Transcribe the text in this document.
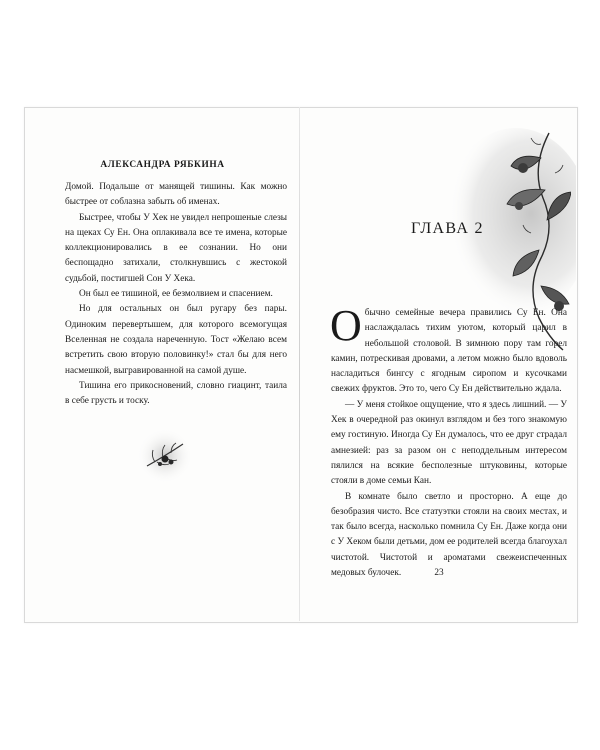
АЛЕКСАНДРА РЯБКИНА

Домой. Подальше от манящей тишины. Как можно быстрее от соблазна забыть об именах.

Быстрее, чтобы У Хек не увидел непрошеные слезы на щеках Су Ен. Она оплакивала все те имена, которые коллекционировались в ее сознании. Но они беспощадно затихали, столкнувшись с жестокой судьбой, постигшей Сон У Хека.

Он был ее тишиной, ее безмолвием и спасением.

Но для остальных он был ругару без пары. Одиноким перевертышем, для которого всемогущая Вселенная не создала нареченную. Тост «Желаю всем встретить свою вторую половинку!» стал бы для него насмешкой, выгравированной на самой душе.

Тишина его прикосновений, словно гиацинт, таила в себе грусть и тоску.

ГЛАВА 2

Обычно семейные вечера правились Су Ен. Она наслаждалась тихим уютом, который царил в небольшой столовой. В зимнюю пору там горел камин, потрескивая дровами, а летом можно было вдоволь насладиться бингсу с ягодным сиропом и кусочками свежих фруктов. Это то, чего Су Ен действительно ждала.

— У меня стойкое ощущение, что я здесь лишний. — У Хек в очередной раз окинул взглядом и без того знакомую ему гостиную. Иногда Су Ен думалось, что ее друг страдал амнезией: раз за разом он с неподдельным интересом пялился на всякие бесполезные штуковины, которые стояли в доме семьи Кан.

В комнате было светло и просторно. А еще до безобразия чисто. Все статуэтки стояли на своих местах, и так было всегда, насколько помнила Су Ен. Даже когда они с У Хеком были детьми, дом ее родителей всегда благоухал чистотой. Чистотой и ароматами свежеиспеченных медовых булочек.	23
